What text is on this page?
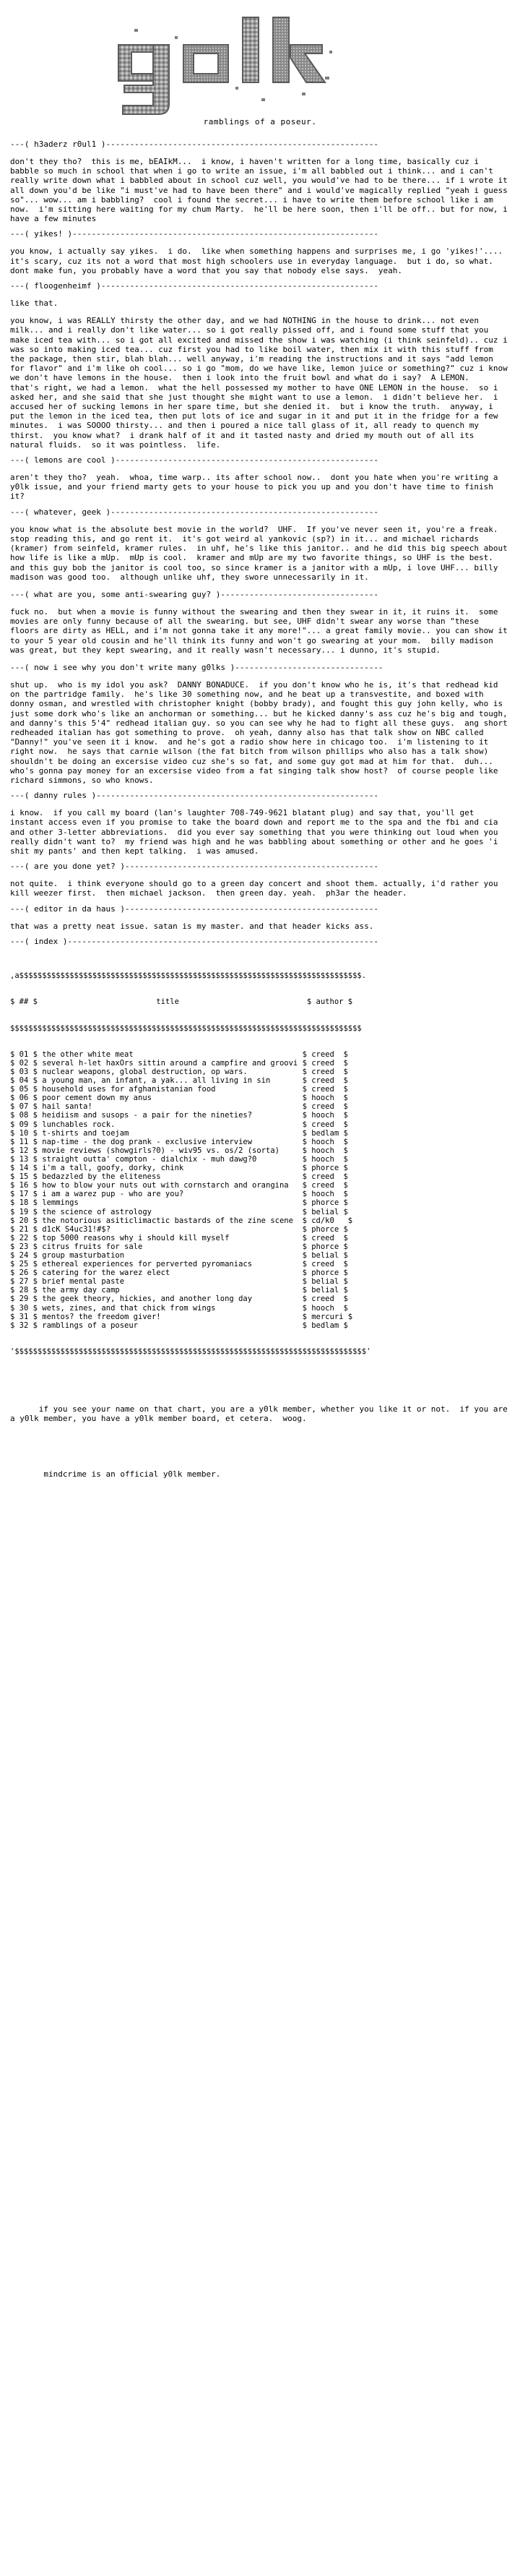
ramblings of a poseur.
---( h3aderz r0ul1 )---------------------------------------------------------

don't they tho?  this is me, bEAIkM...  i know, i haven't written for a long time, basically cuz i babble so much in school that when i go to write an issue, i'm all babbled out i think... and i can't really write down what i babbled about in school cuz well, you would've had to be there... if i wrote it all down you'd be like "i must've had to have been there" and i would've magically replied "yeah i guess so"... wow... am i babbling?  cool i found the secret... i have to write them before school like i am now.  i'm sitting here waiting for my chum Marty.  he'll be here soon, then i'll be off.. but for now, i have a few minutes

---( yikes! )----------------------------------------------------------------

you know, i actually say yikes.  i do.  like when something happens and surprises me, i go 'yikes!'.... it's scary, cuz its not a word that most high schoolers use in everyday language.  but i do, so what.  dont make fun, you probably have a word that you say that nobody else says.  yeah.

---( floogenheimf )----------------------------------------------------------

like that.

you know, i was REALLY thirsty the other day, and we had NOTHING in the house to drink... not even milk... and i really don't like water... so i got really pissed off, and i found some stuff that you make iced tea with... so i got all excited and missed the show i was watching (i think seinfeld).. cuz i was so into making iced tea... cuz first you had to like boil water, then mix it with this stuff from the package, then stir, blah blah... well anyway, i'm reading the instructions and it says "add lemon for flavor" and i'm like oh cool... so i go "mom, do we have like, lemon juice or something?" cuz i know we don't have lemons in the house.  then i look into the fruit bowl and what do i say?  A LEMON.   that's right, we had a lemon.  what the hell possessed my mother to have ONE LEMON in the house.  so i asked her, and she said that she just thought she might want to use a lemon.  i didn't believe her.  i accused her of sucking lemons in her spare time, but she denied it.  but i know the truth.  anyway, i put the lemon in the iced tea, then put lots of ice and sugar in it and put it in the fridge for a few minutes.  i was SOOOO thirsty... and then i poured a nice tall glass of it, all ready to quench my thirst.  you know what?  i drank half of it and it tasted nasty and dried my mouth out of all its natural fluids.  so it was pointless.  life.

---( lemons are cool )-------------------------------------------------------

aren't they tho?  yeah.  whoa, time warp.. its after school now..  dont you hate when you're writing a y0lk issue, and your friend marty gets to your house to pick you up and you don't have time to finish it?

---( whatever, geek )--------------------------------------------------------

you know what is the absolute best movie in the world?  UHF.  If you've never seen it, you're a freak. stop reading this, and go rent it.  it's got weird al yankovic (sp?) in it... and michael richards (kramer) from seinfeld, kramer rules.  in uhf, he's like this janitor.. and he did this big speech about how life is like a mUp.  mUp is cool.  kramer and mUp are my two favorite things, so UHF is the best.  and this guy bob the janitor is cool too, so since kramer is a janitor with a mUp, i love UHF... billy madison was good too.  although unlike uhf, they swore unnecessarily in it.

---( what are you, some anti-swearing guy? )---------------------------------

fuck no.  but when a movie is funny without the swearing and then they swear in it, it ruins it.  some movies are only funny because of all the swearing. but see, UHF didn't swear any worse than "these floors are dirty as HELL, and i'm not gonna take it any more!"... a great family movie.. you can show it to your 5 year old cousin and he'll think its funny and won't go swearing at your mom.  billy madison was great, but they kept swearing, and it really wasn't necessary... i dunno, it's stupid.

---( now i see why you don't write many g0lks )-------------------------------

shut up.  who is my idol you ask?  DANNY BONADUCE.  if you don't know who he is, it's that redhead kid on the partridge family.  he's like 30 something now, and he beat up a transvestite, and boxed with donny osman, and wrestled with christopher knight (bobby brady), and fought this guy john kelly, who is just some dork who's like an anchorman or something... but he kicked danny's ass cuz he's big and tough, and danny's this 5'4" redhead italian guy. so you can see why he had to fight all these guys.  ang short redheaded italian has got something to prove.  oh yeah, danny also has that talk show on NBC called "Danny!" you've seen it i know.  and he's got a radio show here in chicago too.  i'm listening to it right now.  he says that carnie wilson (the fat bitch from wilson phillips who also has a talk show) shouldn't be doing an excersise video cuz she's so fat, and some guy got mad at him for that.  duh... who's gonna pay money for an excersise video from a fat singing talk show host?  of course people like richard simmons, so who knows.

---( danny rules )-----------------------------------------------------------

i know.  if you call my board (lan's laughter 708-749-9621 blatant plug) and say that, you'll get instant access even if you promise to take the board down and report me to the spa and the fbi and cia and other 3-letter abbreviations.  did you ever say something that you were thinking out loud when you really didn't want to?  my friend was high and he was babbling about something or other and he goes 'i shit my pants' and then kept talking.  i was amused.

---( are you done yet? )-----------------------------------------------------

not quite.  i think everyone should go to a green day concert and shoot them. actually, i'd rather you kill weezer first.  then michael jackson.  then green day. yeah.  ph3ar the header.

---( editor in da haus )-----------------------------------------------------

that was a pretty neat issue. satan is my master. and that header kicks ass.

---( index )-----------------------------------------------------------------

,a$$$$$$$$$$$$$$$$$$$$$$$$$$$$$$$$$$$$$$$$$$$$$$$$$$$$$$$$$$$$$$$$$$$$$$$$$$$.

$ ## $                          title                            $ author $

$$$$$$$$$$$$$$$$$$$$$$$$$$$$$$$$$$$$$$$$$$$$$$$$$$$$$$$$$$$$$$$$$$$$$$$$$$$$$

$ 01 $ the other white meat                                     $ creed  $
$ 02 $ several h-let haxOrs sittin around a campfire and groovi $ creed  $
$ 03 $ nuclear weapons, global destruction, op wars.            $ creed  $
$ 04 $ a young man, an infant, a yak... all living in sin       $ creed  $
$ 05 $ household uses for afghanistanian food                   $ creed  $
$ 06 $ poor cement down my anus                                 $ hooch  $
$ 07 $ hail santa!                                              $ creed  $
$ 08 $ heidiism and susops - a pair for the nineties?           $ hooch  $
$ 09 $ lunchables rock.                                         $ creed  $
$ 10 $ t-shirts and toejam                                      $ bedlam $
$ 11 $ nap-time - the dog prank - exclusive interview           $ hooch  $
$ 12 $ movie reviews (showgirls?0) - wiv95 vs. os/2 (sorta)     $ hooch  $
$ 13 $ straight outta' compton - dialchix - muh dawg?0          $ hooch  $
$ 14 $ i'm a tall, goofy, dorky, chink                          $ phorce $
$ 15 $ bedazzled by the eliteness                               $ creed  $
$ 16 $ how to blow your nuts out with cornstarch and orangina   $ creed  $
$ 17 $ i am a warez pup - who are you?                          $ hooch  $
$ 18 $ lemmings                                                 $ phorce $
$ 19 $ the science of astrology                                 $ belial $
$ 20 $ the notorious asiticlimactic bastards of the zine scene  $ cd/k0   $
$ 21 $ d1cK S4uc31!#$?                                          $ phorce $
$ 22 $ top 5000 reasons why i should kill myself                $ creed  $
$ 23 $ citrus fruits for sale                                   $ phorce $
$ 24 $ group masturbation                                       $ belial $
$ 25 $ ethereal experiences for perverted pyromaniacs           $ creed  $
$ 26 $ catering for the warez elect                             $ phorce $
$ 27 $ brief mental paste                                       $ belial $
$ 28 $ the army day camp                                        $ belial $
$ 29 $ the geek theory, hickies, and another long day           $ creed  $
$ 30 $ wets, zines, and that chick from wings                   $ hooch  $
$ 31 $ mentos? the freedom giver!                               $ mercuri $
$ 32 $ ramblings of a poseur                                    $ bedlam $

'$$$$$$$$$$$$$$$$$$$$$$$$$$$$$$$$$$$$$$$$$$$$$$$$$$$$$$$$$$$$$$$$$$$$$$$$$$$$$'

if you see your name on that chart, you are a y0lk member, whether you like it or not.  if you are a y0lk member, you have a y0lk member board, et cetera.  woog.

mindcrime is an official y0lk member.
